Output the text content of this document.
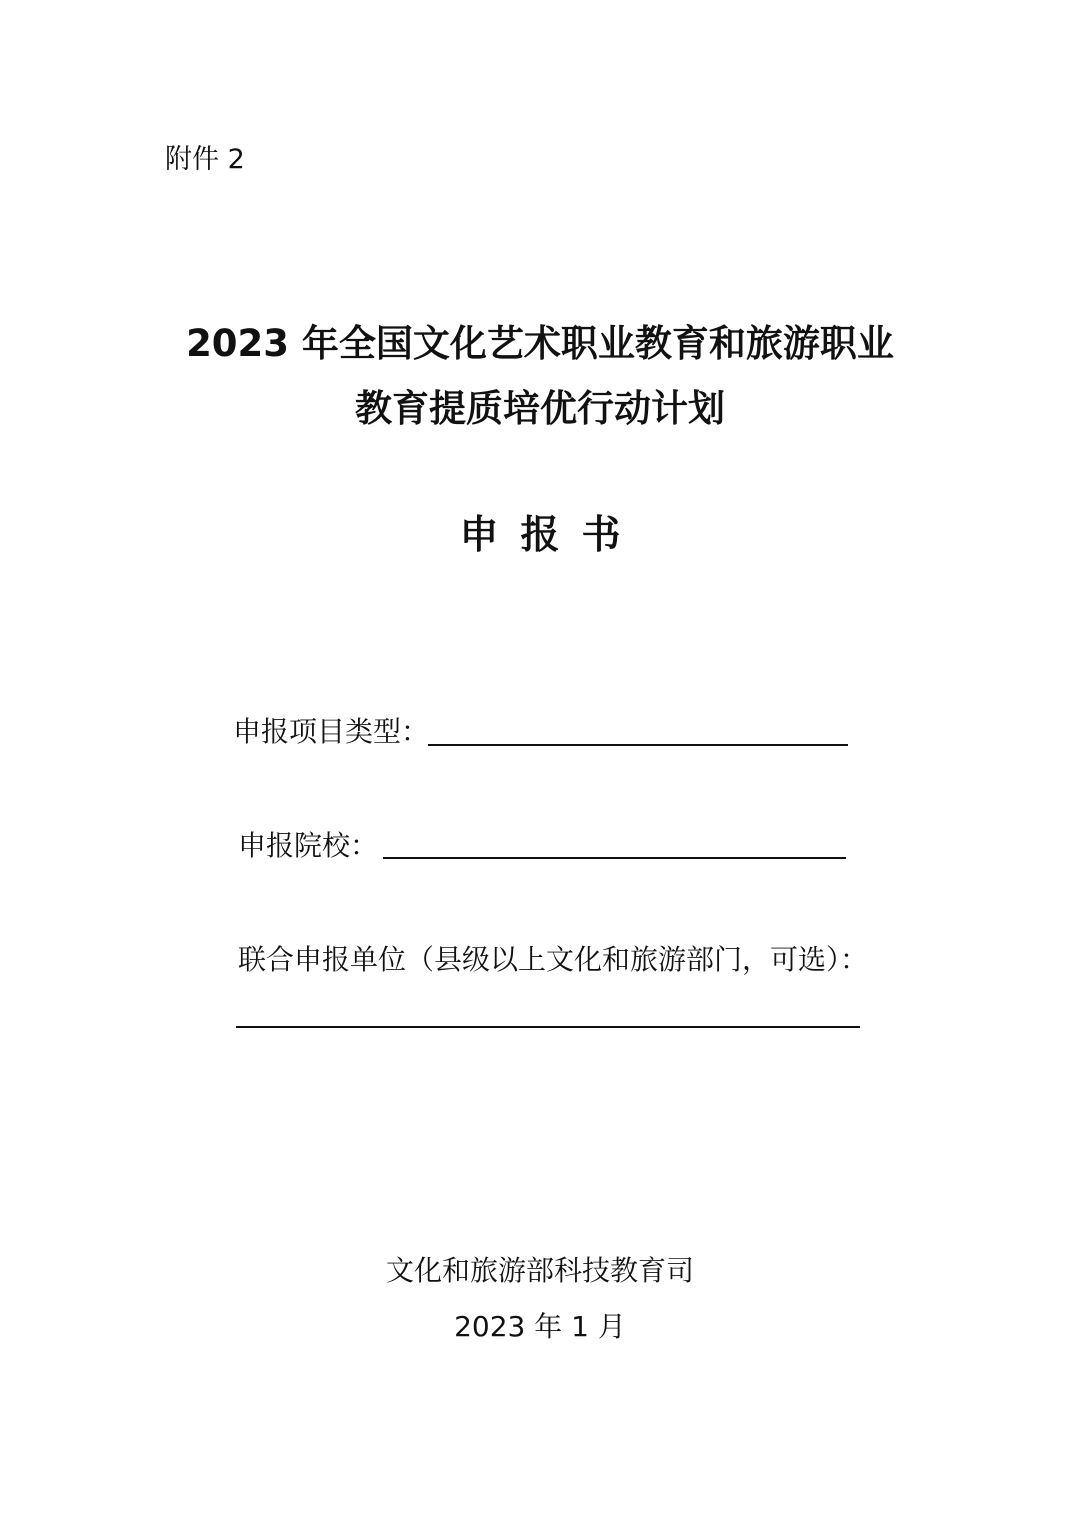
附件 2
2023 年全国文化艺术职业教育和旅游职业
教育提质培优行动计划
申报书
申报项目类型：
申报院校：
联合申报单位（县级以上文化和旅游部门，可选）：
文化和旅游部科技教育司
2023 年 1 月
